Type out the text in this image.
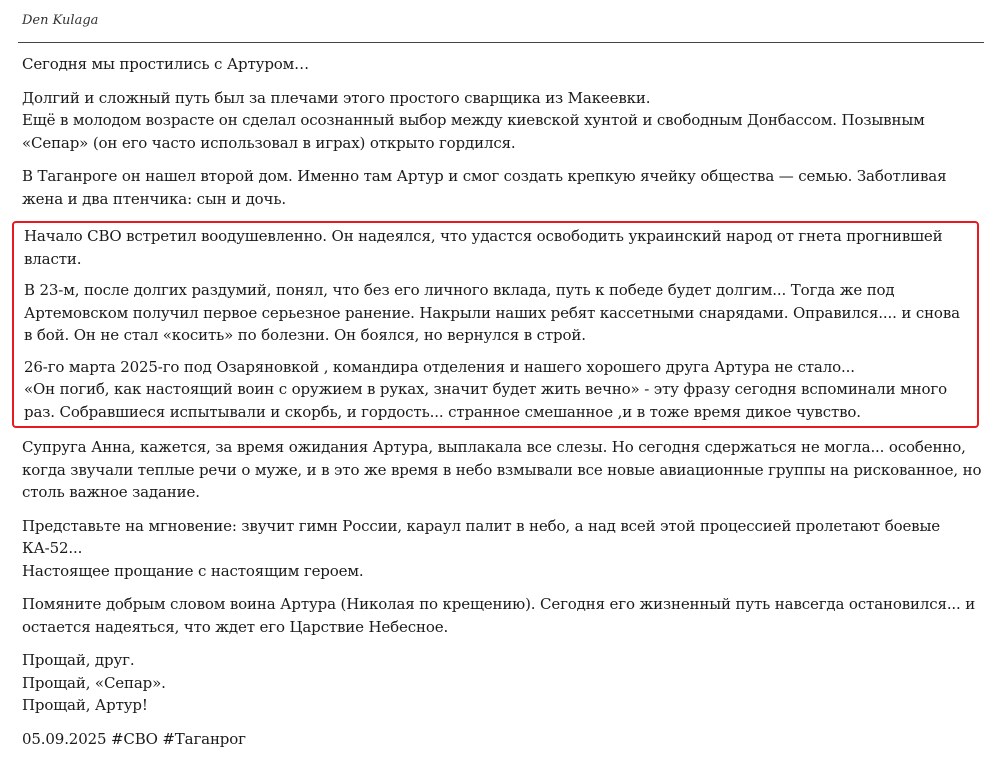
Den Kulaga

Сегодня мы простились с Артуром…

Долгий и сложный путь был за плечами этого простого сварщика из Макеевки.
Ещё в молодом возрасте он сделал осознанный выбор между киевской хунтой и свободным Донбассом. Позывным «Сепар» (он его часто использовал в играх) открыто гордился.

В Таганроге он нашел второй дом. Именно там Артур и смог создать крепкую ячейку общества — семью. Заботливая жена и два птенчика: сын и дочь.

Начало СВО встретил воодушевленно. Он надеялся, что удастся освободить украинский народ от гнета прогнившей власти.

В 23-м, после долгих раздумий, понял, что без его личного вклада, путь к победе будет долгим... Тогда же под Артемовском получил первое серьезное ранение. Накрыли наших ребят кассетными снарядами. Оправился.... и снова в бой. Он не стал «косить» по болезни. Он боялся, но вернулся в строй.

26-го марта 2025-го под Озаряновкой , командира отделения и нашего хорошего друга Артура не стало...
«Он погиб, как настоящий воин с оружием в руках, значит будет жить вечно» - эту фразу сегодня вспоминали много раз. Собравшиеся испытывали и скорбь, и гордость... странное смешанное ,и в тоже время дикое чувство.

Супруга Анна, кажется, за время ожидания Артура, выплакала все слезы. Но сегодня сдержаться не могла... особенно, когда звучали теплые речи о муже, и в это же время в небо взмывали все новые авиационные группы на рискованное, но столь важное задание.

Представьте на мгновение: звучит гимн России, караул палит в небо, а над всей этой процессией пролетают боевые КА-52...
Настоящее прощание с настоящим героем.

Помяните добрым словом воина Артура (Николая по крещению). Сегодня его жизненный путь навсегда остановился... и остается надеяться, что ждет его Царствие Небесное.

Прощай, друг.
Прощай, «Сепар».
Прощай, Артур!

05.09.2025 #СВО #Таганрог
